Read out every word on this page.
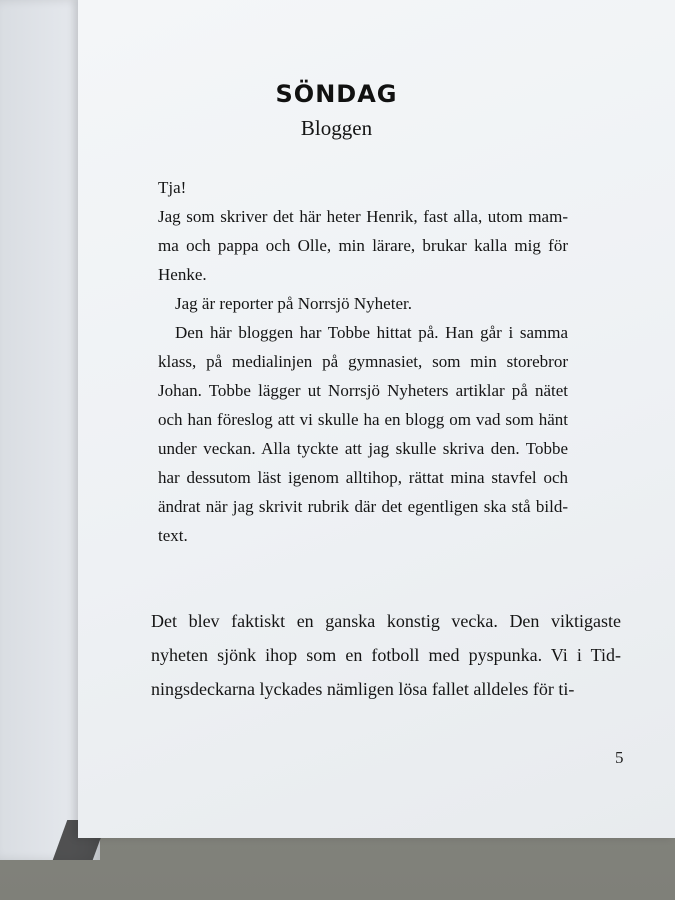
SÖNDAG
Bloggen

Tja!

Jag som skriver det här heter Henrik, fast alla, utom mamma och pappa och Olle, min lärare, brukar kalla mig för Henke.

Jag är reporter på Norrsjö Nyheter.

Den här bloggen har Tobbe hittat på. Han går i samma klass, på medialinjen på gymnasiet, som min storebror Johan. Tobbe lägger ut Norrsjö Nyheters artiklar på nätet och han föreslog att vi skulle ha en blogg om vad som hänt under veckan. Alla tyckte att jag skulle skriva den. Tobbe har dessutom läst igenom alltihop, rättat mina stavfel och ändrat när jag skrivit rubrik där det egentligen ska stå bildtext.

Det blev faktiskt en ganska konstig vecka. Den viktigaste nyheten sjönk ihop som en fotboll med pyspunka. Vi i Tidningsdeckarna lyckades nämligen lösa fallet alldeles för ti-

5
